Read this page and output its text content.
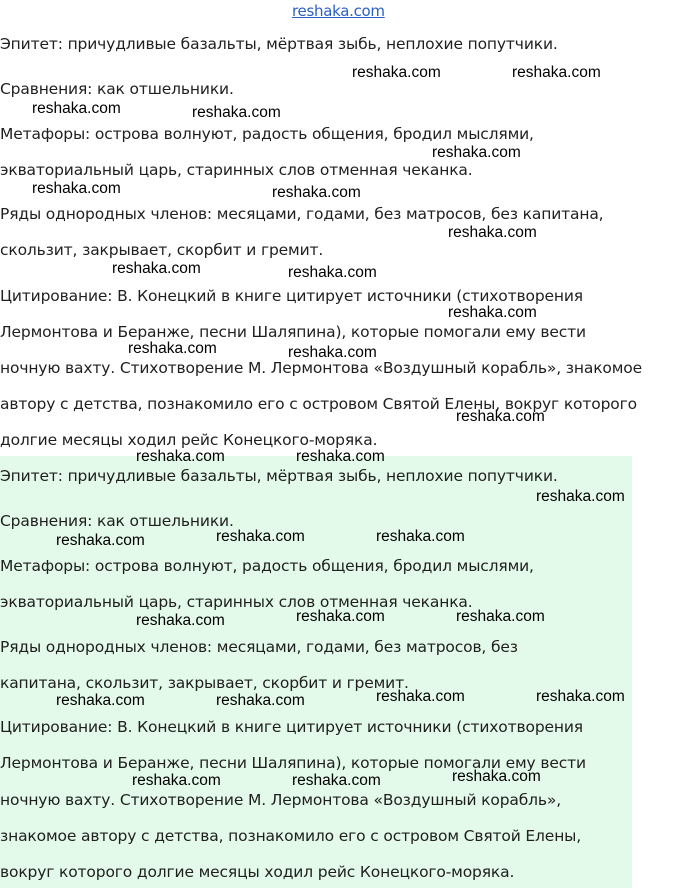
reshaka.com
Эпитет: причудливые базальты, мёртвая зыбь, неплохие попутчики.
Сравнения: как отшельники.
Метафоры: острова волнуют, радость общения, бродил мыслями,
экваториальный царь, старинных слов отменная чеканка.
Ряды однородных членов: месяцами, годами, без матросов, без капитана,
скользит, закрывает, скорбит и гремит.
Цитирование: В. Конецкий в книге цитирует источники (стихотворения
Лермонтова и Беранже, песни Шаляпина), которые помогали ему вести
ночную вахту. Стихотворение М. Лермонтова «Воздушный корабль», знакомое
автору с детства, познакомило его с островом Святой Елены, вокруг которого
долгие месяцы ходил рейс Конецкого-моряка.
Эпитет: причудливые базальты, мёртвая зыбь, неплохие попутчики.
Сравнения: как отшельники.
Метафоры: острова волнуют, радость общения, бродил мыслями,
экваториальный царь, старинных слов отменная чеканка.
Ряды однородных членов: месяцами, годами, без матросов, без
капитана, скользит, закрывает, скорбит и гремит.
Цитирование: В. Конецкий в книге цитирует источники (стихотворения
Лермонтова и Беранже, песни Шаляпина), которые помогали ему вести
ночную вахту. Стихотворение М. Лермонтова «Воздушный корабль»,
знакомое автору с детства, познакомило его с островом Святой Елены,
вокруг которого долгие месяцы ходил рейс Конецкого-моряка.
reshaka.com	reshaka.com
reshaka.com	reshaka.com
reshaka.com
reshaka.com	reshaka.com
reshaka.com
reshaka.com	reshaka.com
reshaka.com
reshaka.com	reshaka.com
reshaka.com
reshaka.com	reshaka.com
reshaka.com
reshaka.com	reshaka.com
reshaka.com
reshaka.com	reshaka.com
reshaka.com
reshaka.com	reshaka.com
reshaka.com	reshaka.com
reshaka.com
reshaka.com	reshaka.com
